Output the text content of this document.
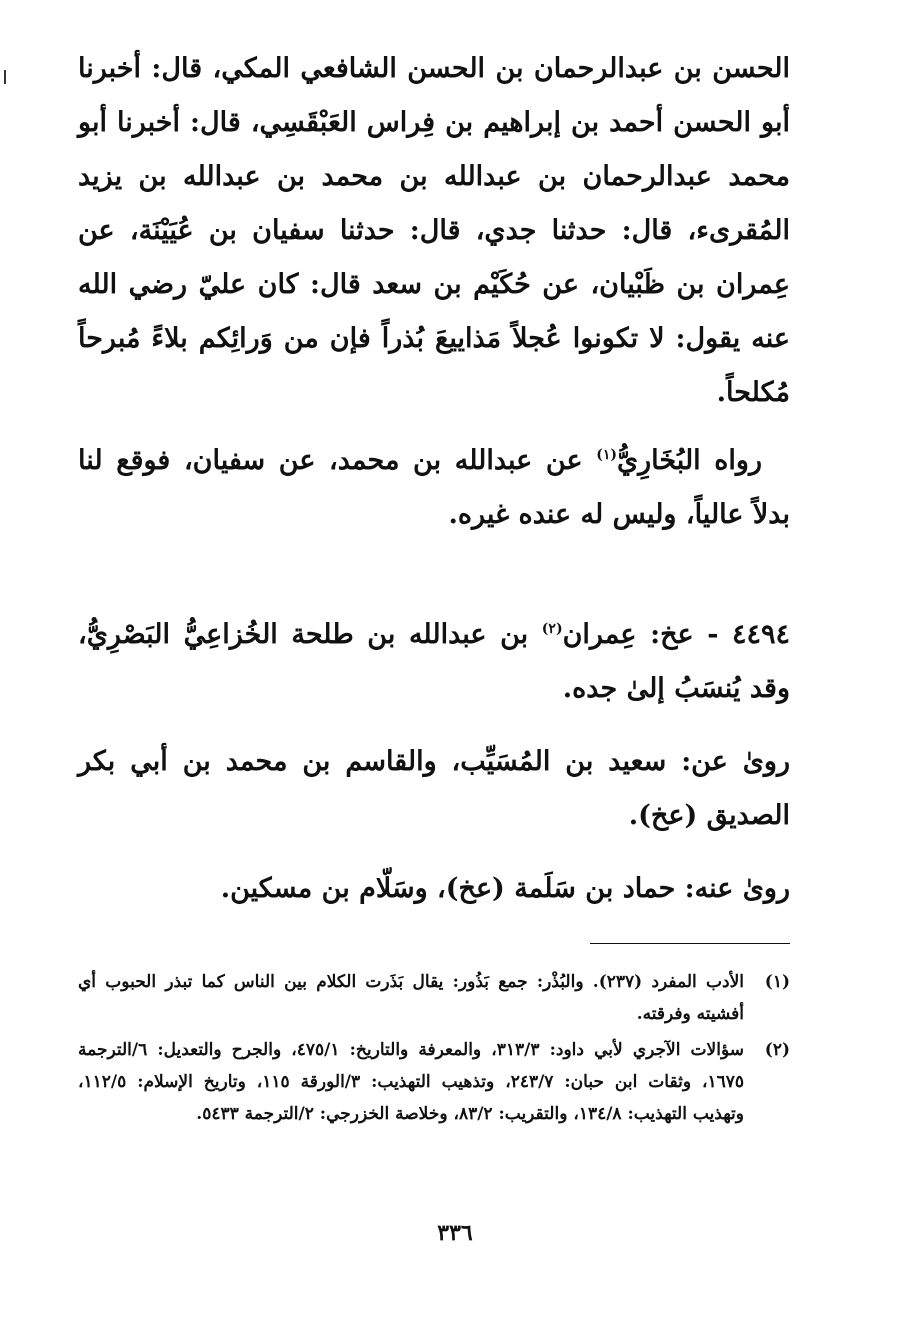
الحسن بن عبدالرحمان بن الحسن الشافعي المكي، قال: أخبرنا أبو الحسن أحمد بن إبراهيم بن فِراس العَبْقَسِي، قال: أخبرنا أبو محمد عبدالرحمان بن عبدالله بن محمد بن عبدالله بن يزيد المُقرىء، قال: حدثنا جدي، قال: حدثنا سفيان بن عُيَيْنَة، عن عِمران بن ظَبْيان، عن حُكَيْم بن سعد قال: كان عليّ رضي الله عنه يقول: لا تكونوا عُجلاً مَذاييعَ بُذراً فإن من وَرائِكم بلاءً مُبرحاً مُكلحاً.

رواه البُخَارِيُّ$^{(١)}$ عن عبدالله بن محمد، عن سفيان، فوقع لنا بدلاً عالياً، وليس له عنده غيره.

٤٤٩٤ - عخ: عِمران$^{(٢)}$ بن عبدالله بن طلحة الخُزاعِيُّ البَصْرِيُّ، وقد يُنسَبُ إلىٰ جده.

روىٰ عن: سعيد بن المُسَيِّب، والقاسم بن محمد بن أبي بكر الصديق (عخ).

روىٰ عنه: حماد بن سَلَمة (عخ)، وسَلّام بن مسكين.

(١)
الأدب المفرد (٢٣٧). والبُذْر: جمع بَذُور: يقال بَذَرت الكلام بين الناس كما تبذر الحبوب أي أفشيته وفرقته.
(٢)
سؤالات الآجري لأبي داود: ٣١٣/٣، والمعرفة والتاريخ: ٤٧٥/١، والجرح والتعديل: ٦/الترجمة ١٦٧٥، وثقات ابن حبان: ٢٤٣/٧، وتذهيب التهذيب: ٣/الورقة ١١٥، وتاريخ الإسلام: ١١٢/٥، وتهذيب التهذيب: ١٣٤/٨، والتقريب: ٨٣/٢، وخلاصة الخزرجي: ٢/الترجمة ٥٤٣٣.
٣٣٦
